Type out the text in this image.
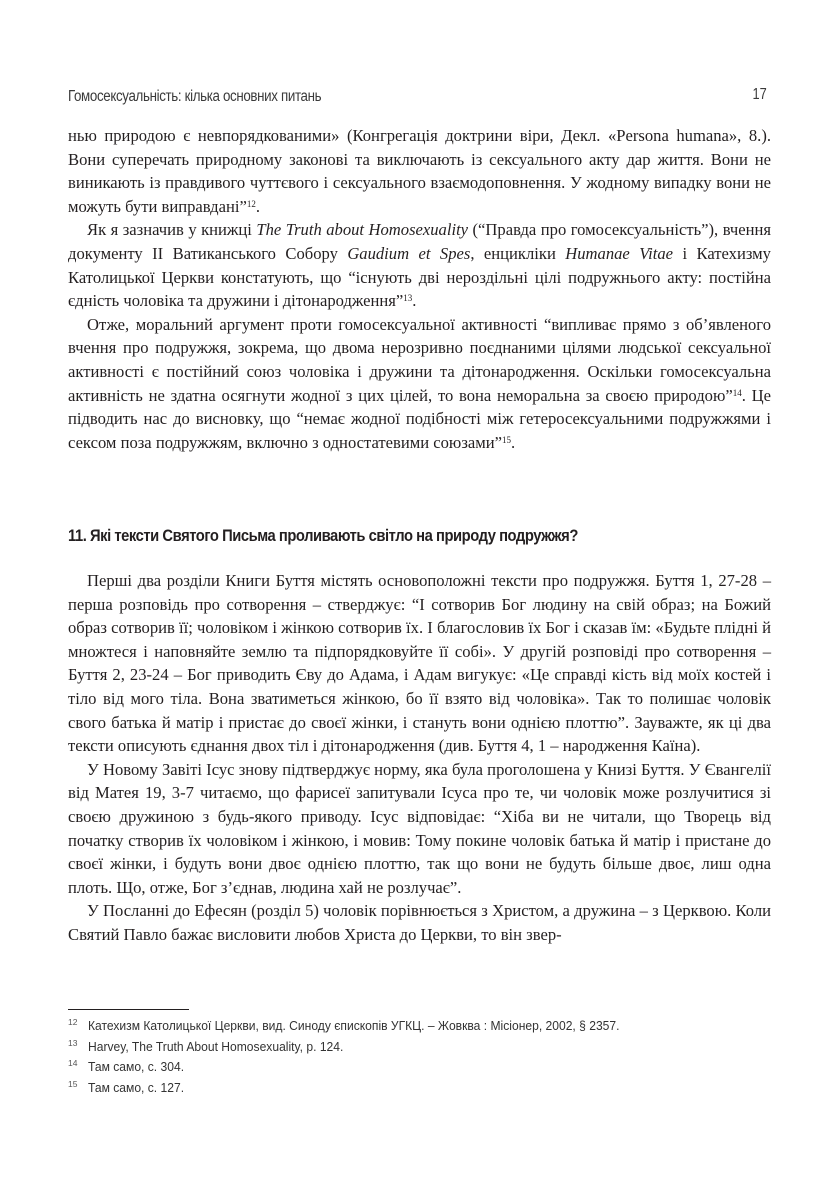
Гомосексуальність: кілька основних питань	17

нью природою є невпорядкованими» (Конгрегація доктрини віри, Декл. «Persona humana», 8.). Вони суперечать природному законові та виключають із сексуального акту дар життя. Вони не виникають із правдивого чуттєвого і сексуального взаємодоповнення. У жодному випадку вони не можуть бути виправдані”$^{12}$.

Як я зазначив у книжці The Truth about Homosexuality (“Правда про гомосексуальність”), вчення документу II Ватиканського Собору Gaudium et Spes, енцикліки Humanae Vitae і Катехизму Католицької Церкви констатують, що “існують дві нероздільні цілі подружнього акту: постійна єдність чоловіка та дружини і дітонародження”$^{13}$.

Отже, моральний аргумент проти гомосексуальної активності “випливає прямо з об’явленого вчення про подружжя, зокрема, що двома нерозривно поєднаними цілями людської сексуальної активності є постійний союз чоловіка і дружини та дітонародження. Оскільки гомосексуальна активність не здатна осягнути жодної з цих цілей, то вона неморальна за своєю природою”$^{14}$. Це підводить нас до висновку, що “немає жодної подібності між гетеросексуальними подружжями і сексом поза подружжям, включно з одностатевими союзами”$^{15}$.

11. Які тексти Святого Письма проливають світло на природу подружжя?

Перші два розділи Книги Буття містять основоположні тексти про подружжя. Буття 1, 27-28 – перша розповідь про сотворення – стверджує: “І сотворив Бог людину на свій образ; на Божий образ сотворив її; чоловіком і жінкою сотворив їх. І благословив їх Бог і сказав їм: «Будьте плідні й множтеся і наповняйте землю та підпорядковуйте її собі». У другій розповіді про сотворення – Буття 2, 23-24 – Бог приводить Єву до Адама, і Адам вигукує: «Це справді кість від моїх костей і тіло від мого тіла. Вона зватиметься жінкою, бо її взято від чоловіка». Так то полишає чоловік свого батька й матір і пристає до своєї жінки, і стануть вони однією плоттю”. Зауважте, як ці два тексти описують єднання двох тіл і дітонародження (див. Буття 4, 1 – народження Каїна).

У Новому Завіті Ісус знову підтверджує норму, яка була проголошена у Книзі Буття. У Євангелії від Матея 19, 3-7 читаємо, що фарисеї запитували Ісуса про те, чи чоловік може розлучитися зі своєю дружиною з будь-якого приводу. Ісус відповідає: “Хіба ви не читали, що Творець від початку створив їх чоловіком і жінкою, і мовив: Тому покине чоловік батька й матір і пристане до своєї жінки, і будуть вони двоє однією плоттю, так що вони не будуть більше двоє, лиш одна плоть. Що, отже, Бог з’єднав, людина хай не розлучає”.

У Посланні до Ефесян (розділ 5) чоловік порівнюється з Христом, а дружина – з Церквою. Коли Святий Павло бажає висловити любов Христа до Церкви, то він звер-

12 Катехизм Католицької Церкви, вид. Синоду єпископів УГКЦ. – Жовква : Місіонер, 2002, § 2357.
13 Harvey, The Truth About Homosexuality, p. 124.
14 Там само, с. 304.
15 Там само, с. 127.
